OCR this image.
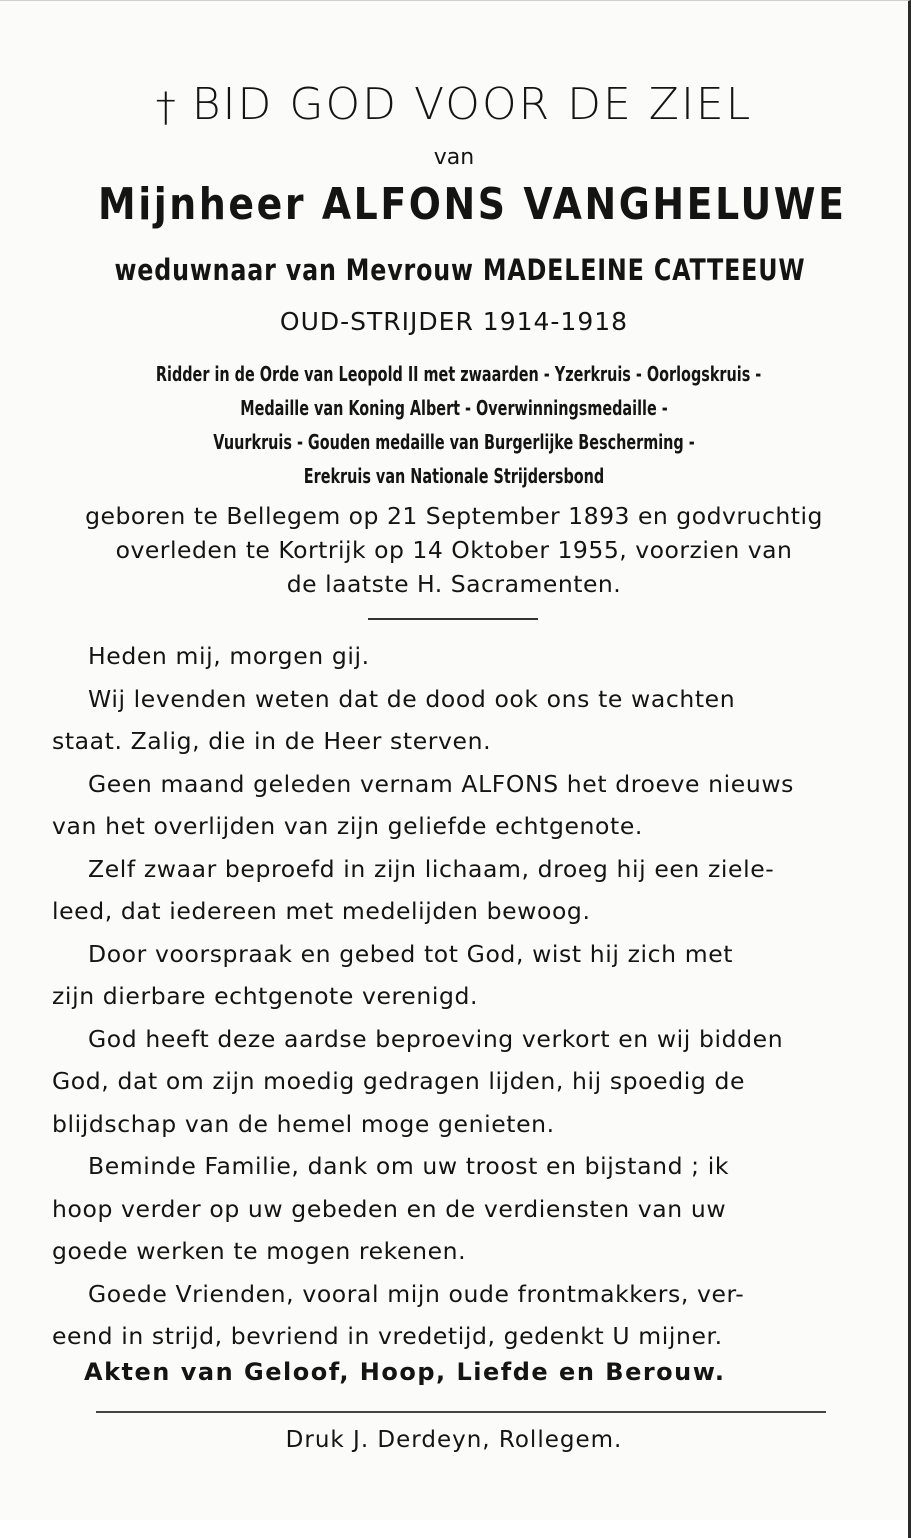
† BID GOD VOOR DE ZIEL
van
Mijnheer ALFONS VANGHELUWE
weduwnaar van Mevrouw MADELEINE CATTEEUW
OUD-STRIJDER 1914-1918
Ridder in de Orde van Leopold II met zwaarden - Yzerkruis - Oorlogskruis -
Medaille van Koning Albert - Overwinningsmedaille -
Vuurkruis - Gouden medaille van Burgerlijke Bescherming -
Erekruis van Nationale Strijdersbond
geboren te Bellegem op 21 September 1893 en godvruchtig
overleden te Kortrijk op 14 Oktober 1955, voorzien van
de laatste H. Sacramenten.
Heden mij, morgen gij.
Wij levenden weten dat de dood ook ons te wachten
staat. Zalig, die in de Heer sterven.
Geen maand geleden vernam ALFONS het droeve nieuws
van het overlijden van zijn geliefde echtgenote.
Zelf zwaar beproefd in zijn lichaam, droeg hij een ziele-
leed, dat iedereen met medelijden bewoog.
Door voorspraak en gebed tot God, wist hij zich met
zijn dierbare echtgenote verenigd.
God heeft deze aardse beproeving verkort en wij bidden
God, dat om zijn moedig gedragen lijden, hij spoedig de
blijdschap van de hemel moge genieten.
Beminde Familie, dank om uw troost en bijstand ; ik
hoop verder op uw gebeden en de verdiensten van uw
goede werken te mogen rekenen.
Goede Vrienden, vooral mijn oude frontmakkers, ver-
eend in strijd, bevriend in vredetijd, gedenkt U mijner.
Akten van Geloof, Hoop, Liefde en Berouw.
Druk J. Derdeyn, Rollegem.
